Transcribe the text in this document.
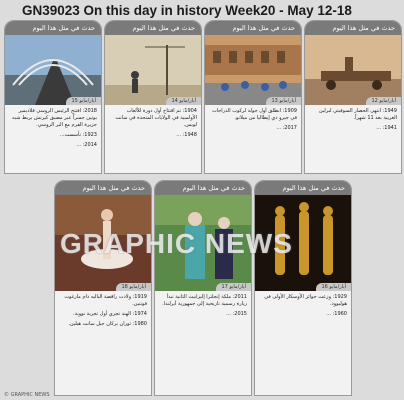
GN39023 On this day in history Week20 - May 12-18
حدث في مثل هذا اليوم
15 أيار/مايو

2018: افتتح الرئيس الروسي فلاديمير بوتين جسراً عبر مضيق كيرتش يربط شبه جزيرة القرم مع البر الروسي.

1923: تأسست...

2014: ...

حدث في مثل هذا اليوم
14 أيار/مايو

1904: تم افتتاح أول دورة للألعاب الأولمبية في الولايات المتحدة في سانت لويس.

1948: ...

حدث في مثل هذا اليوم
13 أيار/مايو

1909: انطلق أول جولة لركوب الدراجات في جيرو دي إيطاليا من ميلانو.

2017: ...

حدث في مثل هذا اليوم
12 أيار/مايو

1949: انتهى الحصار السوفيتي لبرلين الغربية بعد 11 شهراً.

1941: ...

حدث في مثل هذا اليوم
18 أيار/مايو

1919: ولادت راقصة الباليه دام مارغوت فونتين.

1974: الهند تجري أول تجربة نووية.

1980: ثوران بركان جبل سانت هيلين.

حدث في مثل هذا اليوم
17 أيار/مايو

2011: ملكة إنجلترا إليزابيث الثانية تبدأ زيارة رسمية تاريخية إلى جمهورية أيرلندا.

2015: ...

حدث في مثل هذا اليوم
16 أيار/مايو

1929: وزعت جوائز الأوسكار الأولى في هوليوود.

1960: ...

GRAPHIC NEWS
© GRAPHIC NEWS
